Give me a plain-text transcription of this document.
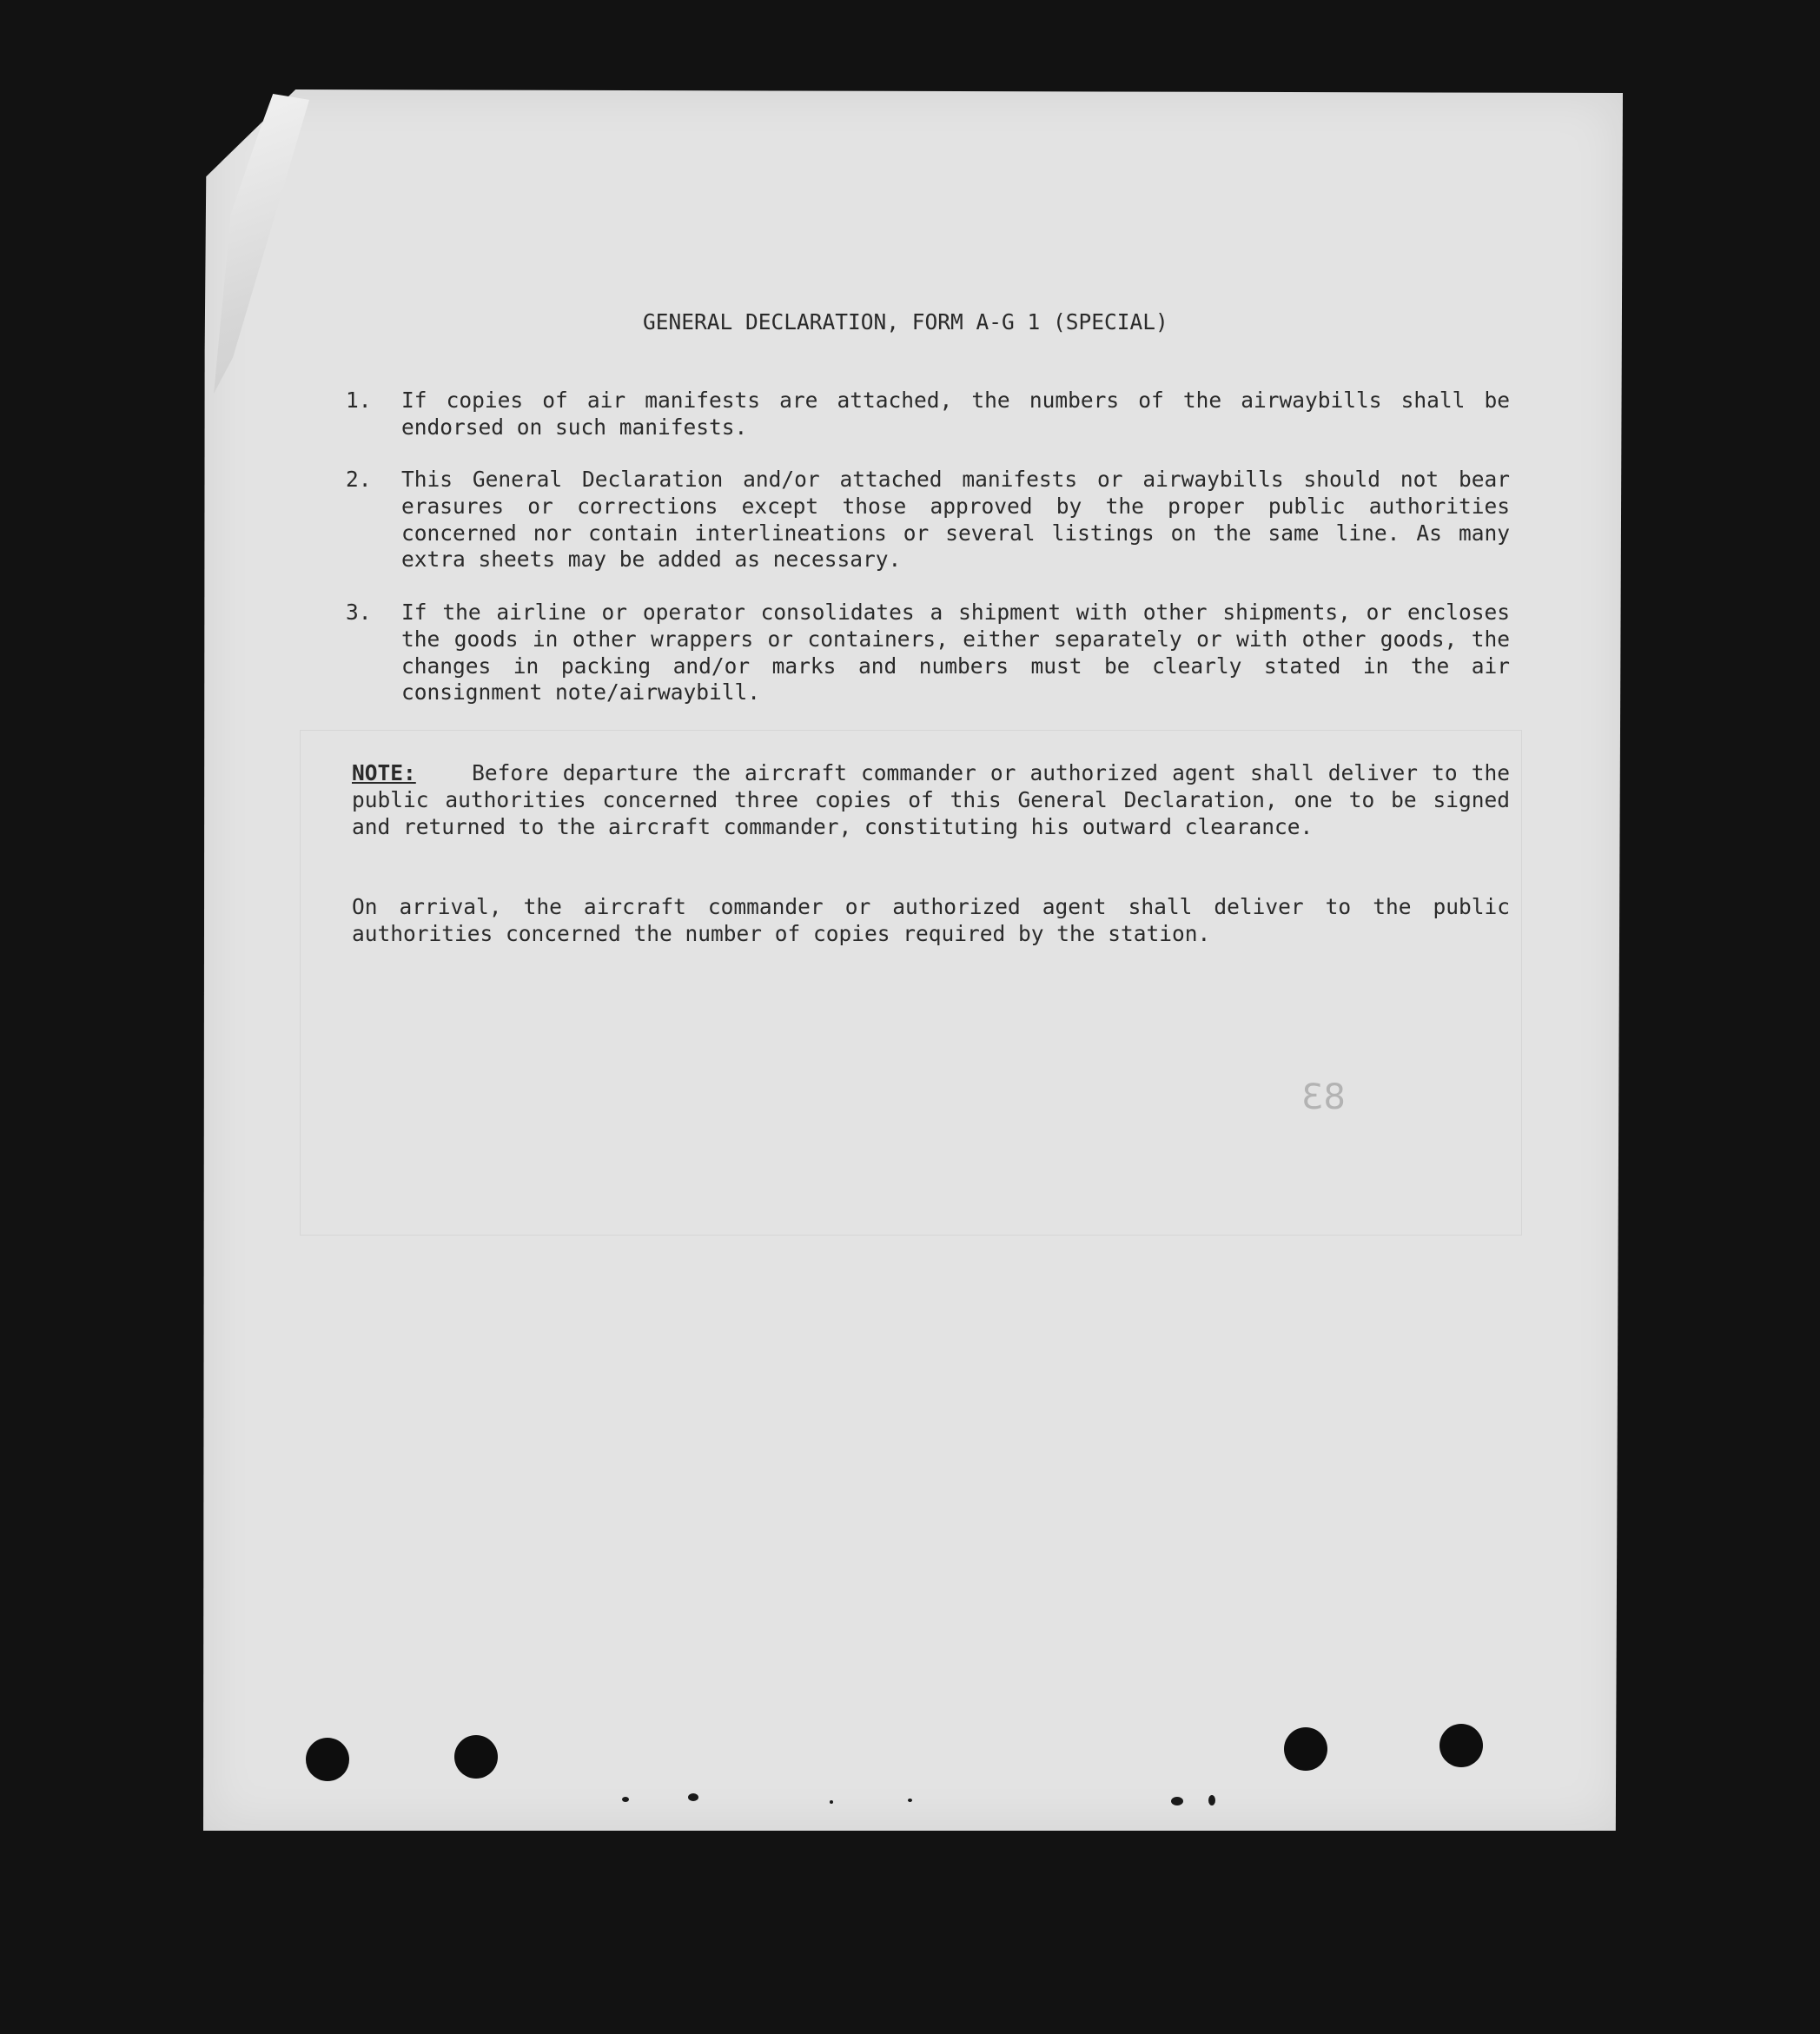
GENERAL DECLARATION, FORM A-G 1 (SPECIAL)
1.	If copies of air manifests are attached, the numbers of the airwaybills shall be endorsed on such manifests.
2.	This General Declaration and/or attached manifests or airwaybills should not bear erasures or corrections except those approved by the proper public authorities concerned nor contain interlineations or several listings on the same line. As many extra sheets may be added as necessary.
3.	If the airline or operator consolidates a shipment with other shipments, or encloses the goods in other wrappers or containers, either separately or with other goods, the changes in packing and/or marks and numbers must be clearly stated in the air consignment note/airwaybill.
NOTE:	Before departure the aircraft commander or authorized agent shall deliver to the public authorities concerned three copies of this General Declaration, one to be signed and returned to the aircraft commander, constituting his outward clearance.
On arrival, the aircraft commander or authorized agent shall deliver to the public authorities concerned the number of copies required by the station.
83
